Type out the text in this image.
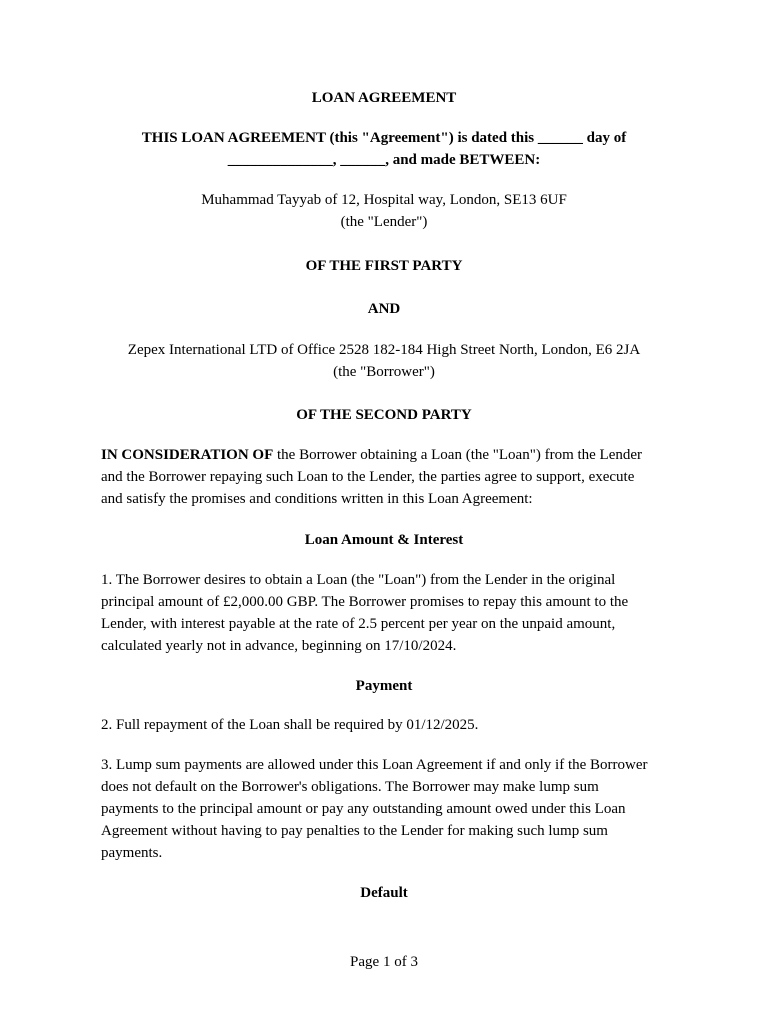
LOAN AGREEMENT

THIS LOAN AGREEMENT (this "Agreement") is dated this ______ day of

______________, ______, and made BETWEEN:

Muhammad Tayyab of 12, Hospital way, London, SE13 6UF

(the "Lender")

OF THE FIRST PARTY

AND

Zepex International LTD of Office 2528 182-184 High Street North, London, E6 2JA

(the "Borrower")

OF THE SECOND PARTY

IN CONSIDERATION OF the Borrower obtaining a Loan (the "Loan") from the Lender

and the Borrower repaying such Loan to the Lender, the parties agree to support, execute

and satisfy the promises and conditions written in this Loan Agreement:

Loan Amount & Interest

1. The Borrower desires to obtain a Loan (the "Loan") from the Lender in the original

principal amount of £2,000.00 GBP. The Borrower promises to repay this amount to the

Lender, with interest payable at the rate of 2.5 percent per year on the unpaid amount,

calculated yearly not in advance, beginning on 17/10/2024.

Payment

2. Full repayment of the Loan shall be required by 01/12/2025.

3. Lump sum payments are allowed under this Loan Agreement if and only if the Borrower

does not default on the Borrower's obligations. The Borrower may make lump sum

payments to the principal amount or pay any outstanding amount owed under this Loan

Agreement without having to pay penalties to the Lender for making such lump sum

payments.

Default

Page 1 of 3
